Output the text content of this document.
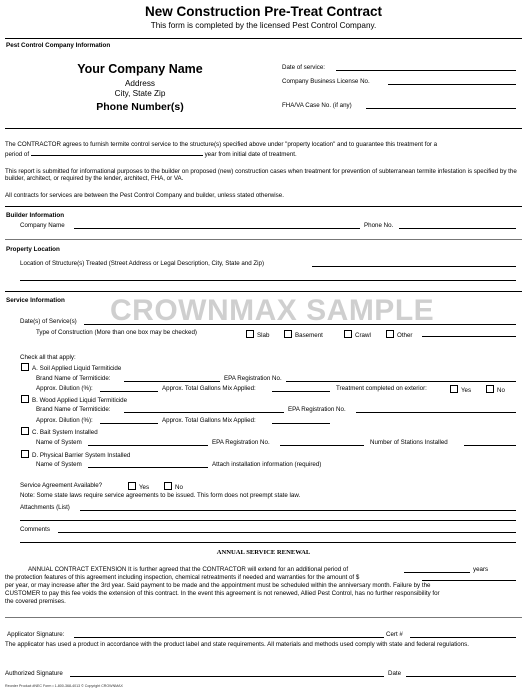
New Construction Pre-Treat Contract
This form is completed by the licensed Pest Control Company.
Pest Control Company Information
Your Company Name
Address
City, State Zip
Phone Number(s)
Date of service:
Company Business License No.
FHA/VA Case No. (if any)
The CONTRACTOR agrees to furnish termite control service to the structure(s) specified above under "property location" and to guarantee this treatment for a
period of	year from initial date of treatment.
This report is submitted for informational purposes to the builder on proposed (new) construction cases when treatment for prevention of subterranean termite infestation is specified by the builder, architect, or required by the lender, architect, FHA, or VA.
All contracts for services are between the Pest Control Company and builder, unless stated otherwise.
Builder Information
Company Name	Phone No.
Property Location
Location of Structure(s) Treated (Street Address or Legal Description, City, State and Zip)
Service Information CROWNMAX SAMPLE
Date(s) of Service(s)
Type of Construction (More than one box may be checked)	Slab	Basement	Crawl	Other
Check all that apply:
A. Soil Applied Liquid Termiticide
Brand Name of Termiticide:	EPA Registration No.
Approx. Dilution (%):	Approx. Total Gallons Mix Applied:	Treatment completed on exterior:	Yes	No
B. Wood Applied Liquid Termiticide
Brand Name of Termiticide:	EPA Registration No.
Approx. Dilution (%):	Approx. Total Gallons Mix Applied:
C. Bait System Installed
Name of System	EPA Registration No.	Number of Stations Installed
D. Physical Barrier System Installed
Name of System	Attach installation information (required)
Service Agreement Available?	Yes	No
Note: Some state laws require service agreements to be issued. This form does not preempt state law.
Attachments (List)
Comments
ANNUAL SERVICE RENEWAL
ANNUAL CONTRACT EXTENSION It is further agreed that the CONTRACTOR will extend for an additional period of	years
the protection features of this agreement including inspection, chemical retreatments if needed and warranties for the amount of $
per year, or may increase after the 3rd year. Said payment to be made and the appointment must be scheduled within the anniversary month. Failure by the
CUSTOMER to pay this fee voids the extension of this contract. In the event this agreement is not renewed, Allied Pest Control, has no further responsibility for
the covered premises.
Applicator Signature:	Cert #
The applicator has used a product in accordance with the product label and state requirements. All materials and methods used comply with state and federal regulations.
Authorized Signature	Date
Reorder Product #NEC Form • 1-800-368-4013 © Copyright CROWNMAX
